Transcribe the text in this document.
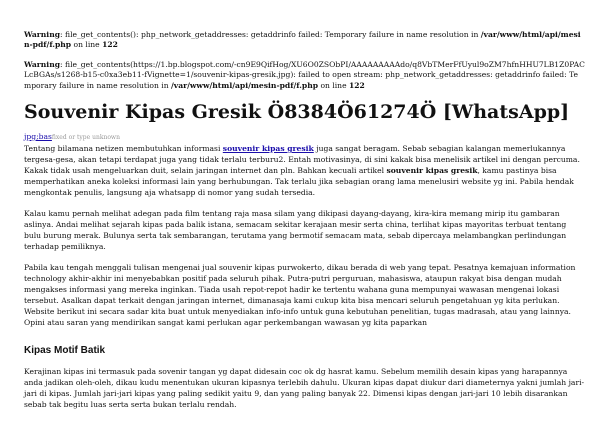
Warning: file_get_contents(): php_network_getaddresses: getaddrinfo failed: Temporary failure in name resolution in /var/www/html/api/mesin-pdf/f.php on line 122
Warning: file_get_contents(https://1.bp.blogspot.com/-cn9E9QifHog/XU6O0ZSObPI/AAAAAAAAAdo/q8VbTMerFfUyul9oZM7hfnHHU7LB1Z0PACLcBGAs/s1268-b15-c0xa3eb11-fVignette=1/souvenir-kipas-gresik.jpg): failed to open stream: php_network_getaddresses: getaddrinfo failed: Temporary failure in name resolution in /var/www/html/api/mesin-pdf/f.php on line 122
Souvenir Kipas Gresik Ö8384Ö61274Ö [WhatsApp]
jpg;basfixed or type unknown

Tentang bilamana netizen membutuhkan informasi souvenir kipas gresik juga sangat beragam. Sebab sebagian kalangan memerlukannya tergesa-gesa, akan tetapi terdapat juga yang tidak terlalu terburu2. Entah motivasinya, di sini kakak bisa menelisik artikel ini dengan percuma. Kakak tidak usah mengeluarkan duit, selain jaringan internet dan pln. Bahkan kecuali artikel souvenir kipas gresik, kamu pastinya bisa memperhatikan aneka koleksi informasi lain yang berhubungan. Tak terlalu jika sebagian orang lama menelusiri website yg ini. Pabila hendak mengkontak penulis, langsung aja whatsapp di nomor yang sudah tersedia.

Kalau kamu pernah melihat adegan pada film tentang raja masa silam yang dikipasi dayang-dayang, kira-kira memang mirip itu gambaran aslinya. Andai melihat sejarah kipas pada balik istana, semacam sekitar kerajaan mesir serta china, terlihat kipas mayoritas terbuat tentang bulu burung merak. Bulunya serta tak sembarangan, terutama yang bermotif semacam mata, sebab dipercaya melambangkan perlindungan terhadap pemiliknya.

Pabila kau tengah menggali tulisan mengenai jual souvenir kipas purwokerto, dikau berada di web yang tepat. Pesatnya kemajuan information technology akhir-akhir ini menyebabkan positif pada seluruh pihak. Putra-putri perguruan, mahasiswa, ataupun rakyat bisa dengan mudah mengakses informasi yang mereka inginkan. Tiada usah repot-repot hadir ke tertentu wahana guna mempunyai wawasan mengenai lokasi tersebut. Asalkan dapat terkait dengan jaringan internet, dimanasaja kami cukup kita bisa mencari seluruh pengetahuan yg kita perlukan. Website berikut ini secara sadar kita buat untuk menyediakan info-info untuk guna kebutuhan penelitian, tugas madrasah, atau yang lainnya. Opini atau saran yang mendirikan sangat kami perlukan agar perkembangan wawasan yg kita paparkan

Kipas Motif Batik

Kerajinan kipas ini termasuk pada sovenir tangan yg dapat didesain coc ok dg hasrat kamu. Sebelum memilih desain kipas yang harapannya anda jadikan oleh-oleh, dikau kudu menentukan ukuran kipasnya terlebih dahulu. Ukuran kipas dapat diukur dari diameternya yakni jumlah jari-jari di kipas. Jumlah jari-jari kipas yang paling sedikit yaitu 9, dan yang paling banyak 22. Dimensi kipas dengan jari-jari 10 lebih disarankan sebab tak begitu luas serta serta bukan terlalu rendah.
